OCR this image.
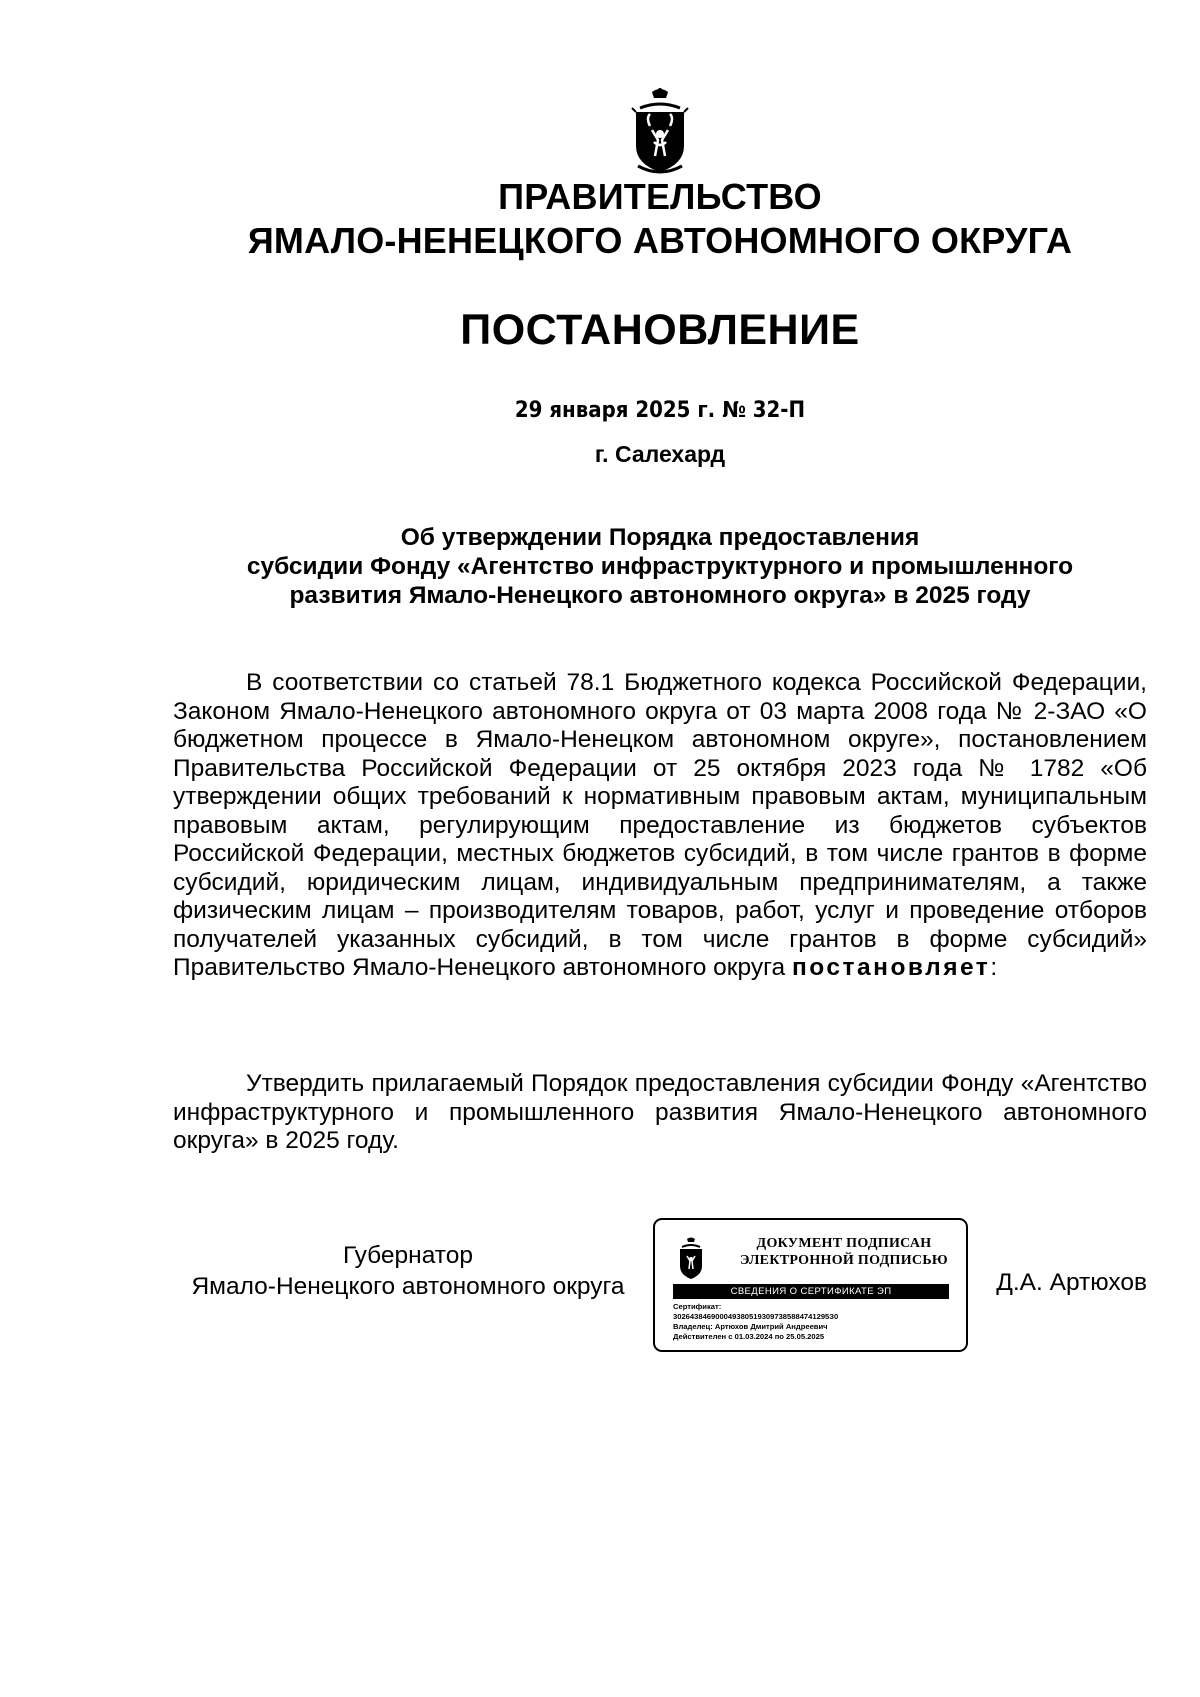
ПРАВИТЕЛЬСТВО
ЯМАЛО-НЕНЕЦКОГО АВТОНОМНОГО ОКРУГА
ПОСТАНОВЛЕНИЕ
29 января 2025 г. № 32-П
г. Салехард
Об утверждении Порядка предоставления
субсидии Фонду «Агентство инфраструктурного и промышленного
развития Ямало-Ненецкого автономного округа» в 2025 году
В соответствии со статьей 78.1 Бюджетного кодекса Российской Федерации, Законом Ямало-Ненецкого автономного округа от 03 марта 2008 года № 2-ЗАО «О бюджетном процессе в Ямало-Ненецком автономном округе», постановлением Правительства Российской Федерации от 25 октября 2023 года № 1782 «Об утверждении общих требований к нормативным правовым актам, муниципальным правовым актам, регулирующим предоставление из бюджетов субъектов Российской Федерации, местных бюджетов субсидий, в том числе грантов в форме субсидий, юридическим лицам, индивидуальным предпринимателям, а также физическим лицам – производителям товаров, работ, услуг и проведение отборов получателей указанных субсидий, в том числе грантов в форме субсидий» Правительство Ямало-Ненецкого автономного округа постановляет:
Утвердить прилагаемый Порядок предоставления субсидии Фонду «Агентство инфраструктурного и промышленного развития Ямало-Ненецкого автономного округа» в 2025 году.
Губернатор
Ямало-Ненецкого автономного округа
ДОКУМЕНТ ПОДПИСАН
ЭЛЕКТРОННОЙ ПОДПИСЬЮ
СВЕДЕНИЯ О СЕРТИФИКАТЕ ЭП
Сертификат:
3026438469000493805193097385884741295З0
Владелец: Артюхов Дмитрий Андреевич
Действителен с 01.03.2024 по 25.05.2025
Д.А. Артюхов
